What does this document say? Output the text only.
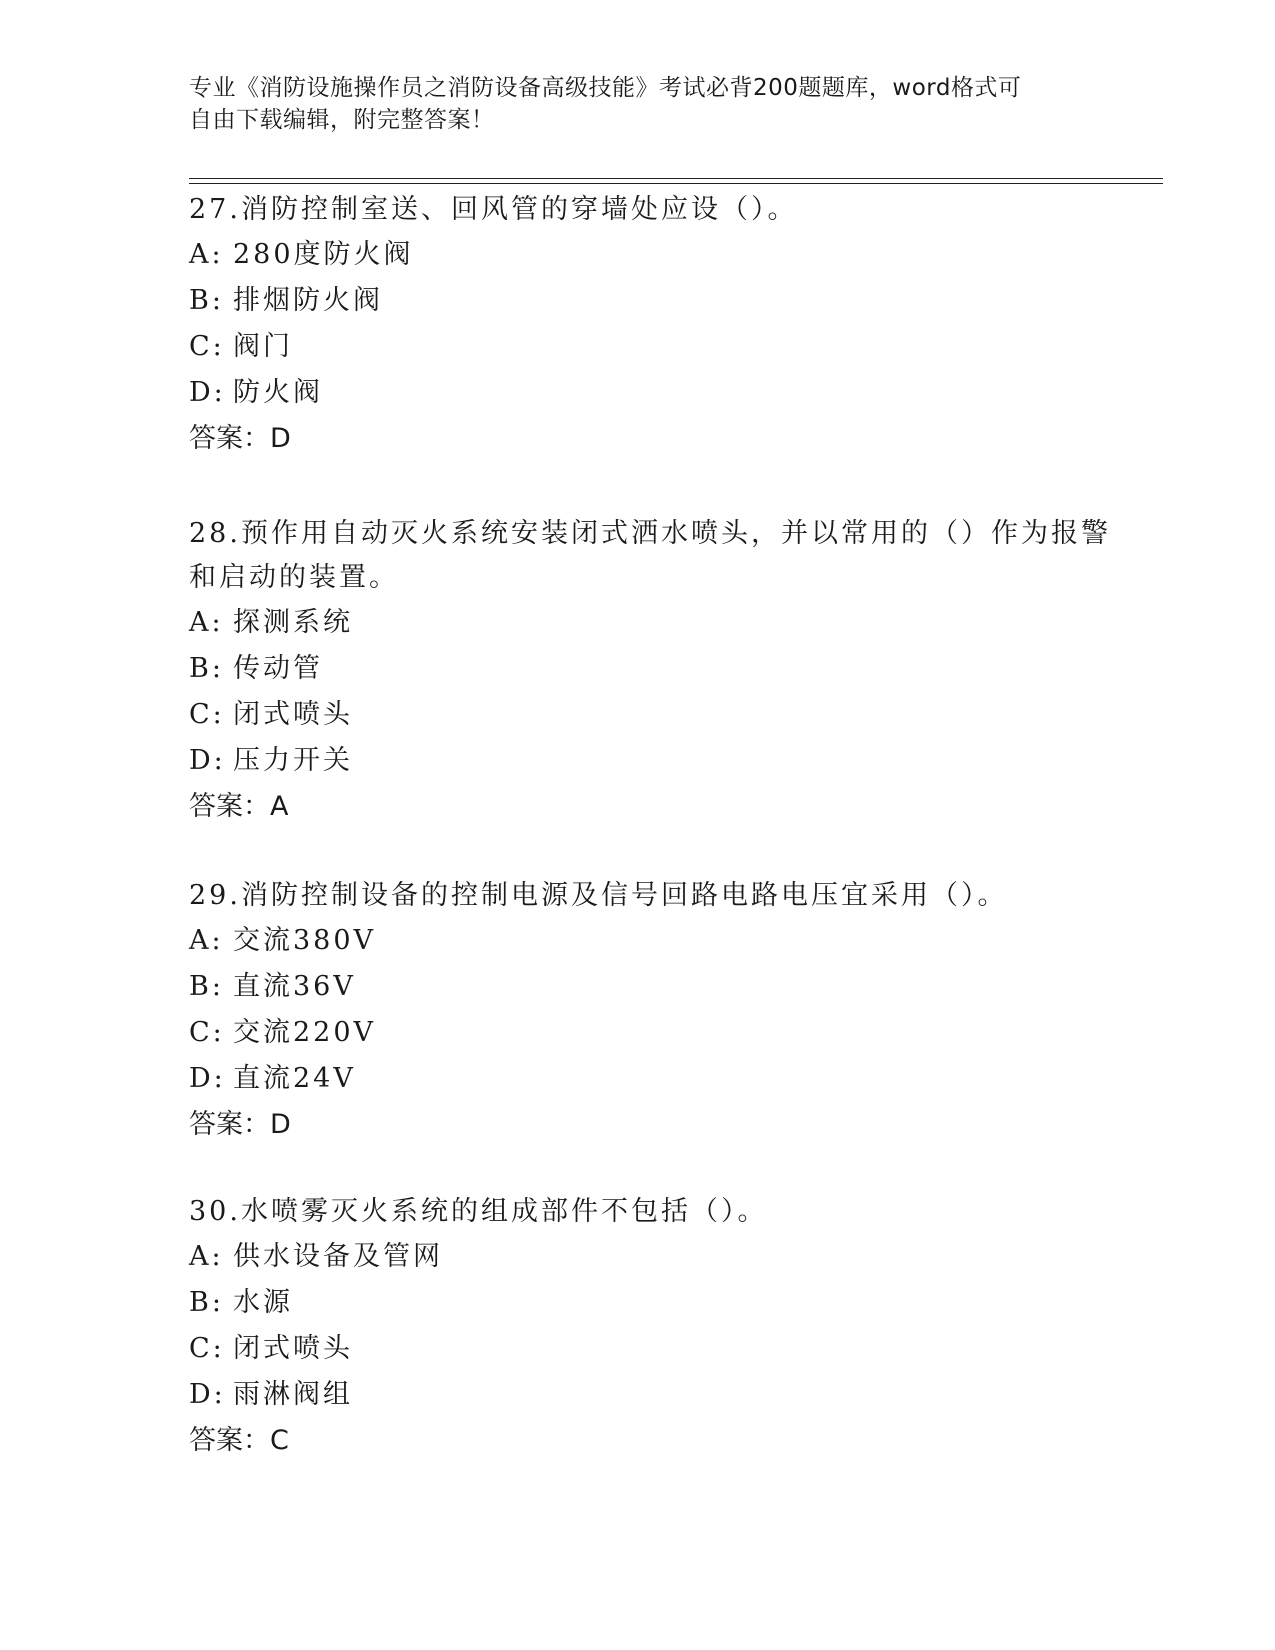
专业《消防设施操作员之消防设备高级技能》考试必背200题题库，word格式可

自由下载编辑，附完整答案！

27.消防控制室送、回风管的穿墙处应设（）。

A: 280度防火阀

B: 排烟防火阀

C: 阀门

D: 防火阀

答案：D

28.预作用自动灭火系统安装闭式洒水喷头，并以常用的（）作为报警

和启动的装置。

A: 探测系统

B: 传动管

C: 闭式喷头

D: 压力开关

答案：A

29.消防控制设备的控制电源及信号回路电路电压宜采用（）。

A: 交流380V

B: 直流36V

C: 交流220V

D: 直流24V

答案：D

30.水喷雾灭火系统的组成部件不包括（）。

A: 供水设备及管网

B: 水源

C: 闭式喷头

D: 雨淋阀组

答案：C
